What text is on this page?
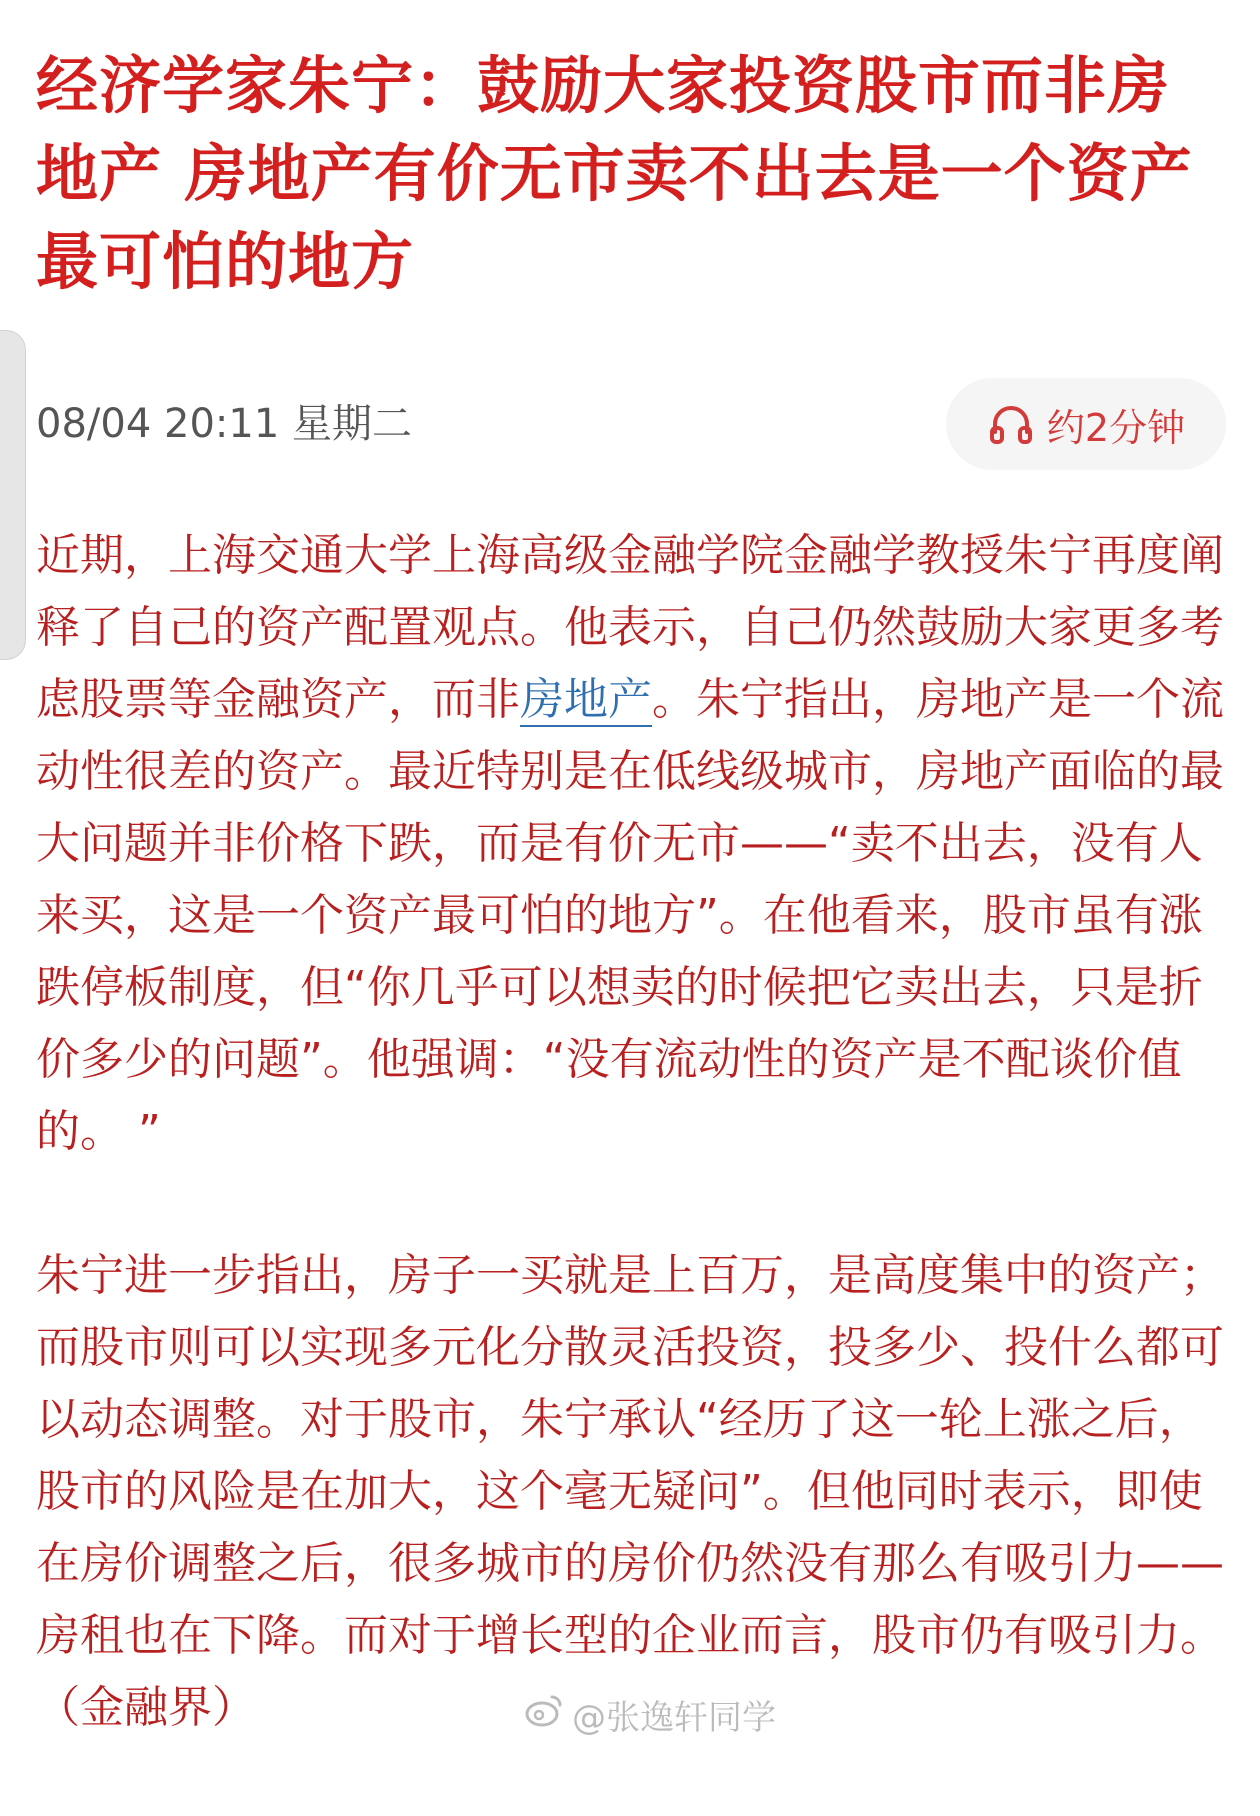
经济学家朱宁：鼓励大家投资股市而非房地产 房地产有价无市卖不出去是一个资产最可怕的地方
08/04 20:11 星期二	约2分钟

近期，上海交通大学上海高级金融学院金融学教授朱宁再度阐释了自己的资产配置观点。他表示，自己仍然鼓励大家更多考虑股票等金融资产，而非房地产。朱宁指出，房地产是一个流动性很差的资产。最近特别是在低线级城市，房地产面临的最大问题并非价格下跌，而是有价无市——“卖不出去，没有人来买，这是一个资产最可怕的地方”。在他看来，股市虽有涨跌停板制度，但“你几乎可以想卖的时候把它卖出去，只是折价多少的问题”。他强调：“没有流动性的资产是不配谈价值的。 ”

朱宁进一步指出，房子一买就是上百万，是高度集中的资产；而股市则可以实现多元化分散灵活投资，投多少、投什么都可以动态调整。对于股市，朱宁承认“经历了这一轮上涨之后，股市的风险是在加大，这个毫无疑问”。但他同时表示，即使在房价调整之后，很多城市的房价仍然没有那么有吸引力——房租也在下降。而对于增长型的企业而言，股市仍有吸引力。（金融界）	@张逸轩同学
